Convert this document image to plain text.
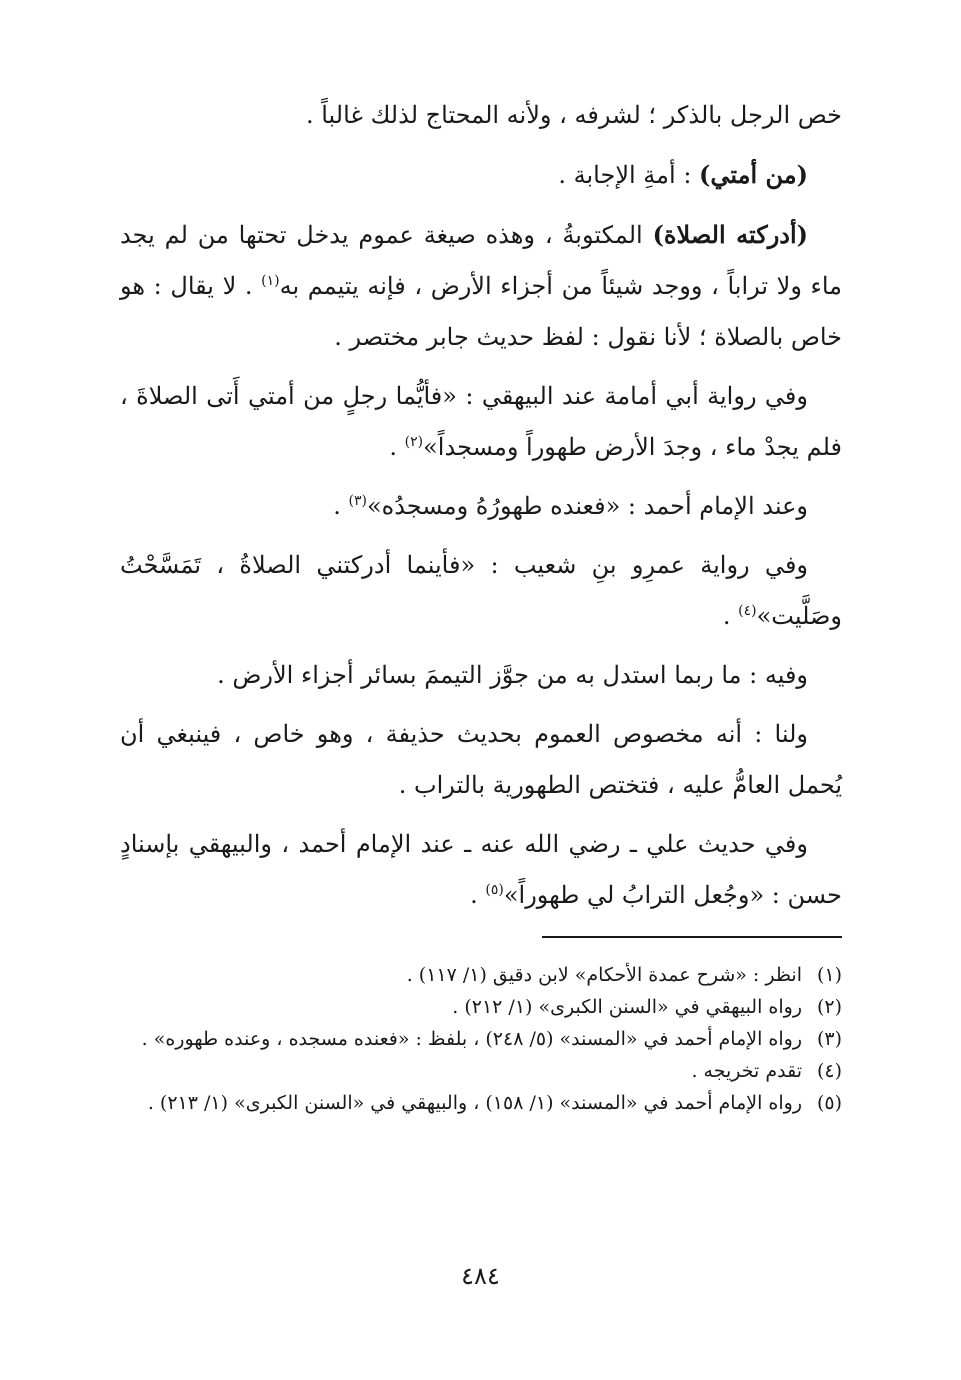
خص الرجل بالذكر ؛ لشرفه ، ولأنه المحتاج لذلك غالباً .

(من أمتي) : أمةِ الإجابة .

(أدركته الصلاة) المكتوبةُ ، وهذه صيغة عموم يدخل تحتها من لم يجد ماء ولا تراباً ، ووجد شيئاً من أجزاء الأرض ، فإنه يتيمم به$^{(١)}$ . لا يقال : هو خاص بالصلاة ؛ لأنا نقول : لفظ حديث جابر مختصر .

وفي رواية أبي أمامة عند البيهقي : «فأيُّما رجلٍ من أمتي أَتى الصلاةَ ، فلم يجدْ ماء ، وجدَ الأرض طهوراً ومسجداً»$^{(٢)}$ .

وعند الإمام أحمد : «فعنده طهورُهُ ومسجدُه»$^{(٣)}$ .

وفي رواية عمرِو بنِ شعيب : «فأينما أدركتني الصلاةُ ، تَمَسَّحْتُ وصَلَّيت»$^{(٤)}$ .

وفيه : ما ربما استدل به من جوَّز التيممَ بسائر أجزاء الأرض .

ولنا : أنه مخصوص العموم بحديث حذيفة ، وهو خاص ، فينبغي أن يُحمل العامُّ عليه ، فتختص الطهورية بالتراب .

وفي حديث علي ـ رضي الله عنه ـ عند الإمام أحمد ، والبيهقي بإسنادٍ حسن : «وجُعل الترابُ لي طهوراً»$^{(٥)}$ .

(١)
انظر : «شرح عمدة الأحكام» لابن دقيق (١/ ١١٧) .
(٢)
رواه البيهقي في «السنن الكبرى» (١/ ٢١٢) .
(٣)
رواه الإمام أحمد في «المسند» (٥/ ٢٤٨) ، بلفظ : «فعنده مسجده ، وعنده طهوره» .
(٤)
تقدم تخريجه .
(٥)
رواه الإمام أحمد في «المسند» (١/ ١٥٨) ، والبيهقي في «السنن الكبرى» (١/ ٢١٣) .
٤٨٤
